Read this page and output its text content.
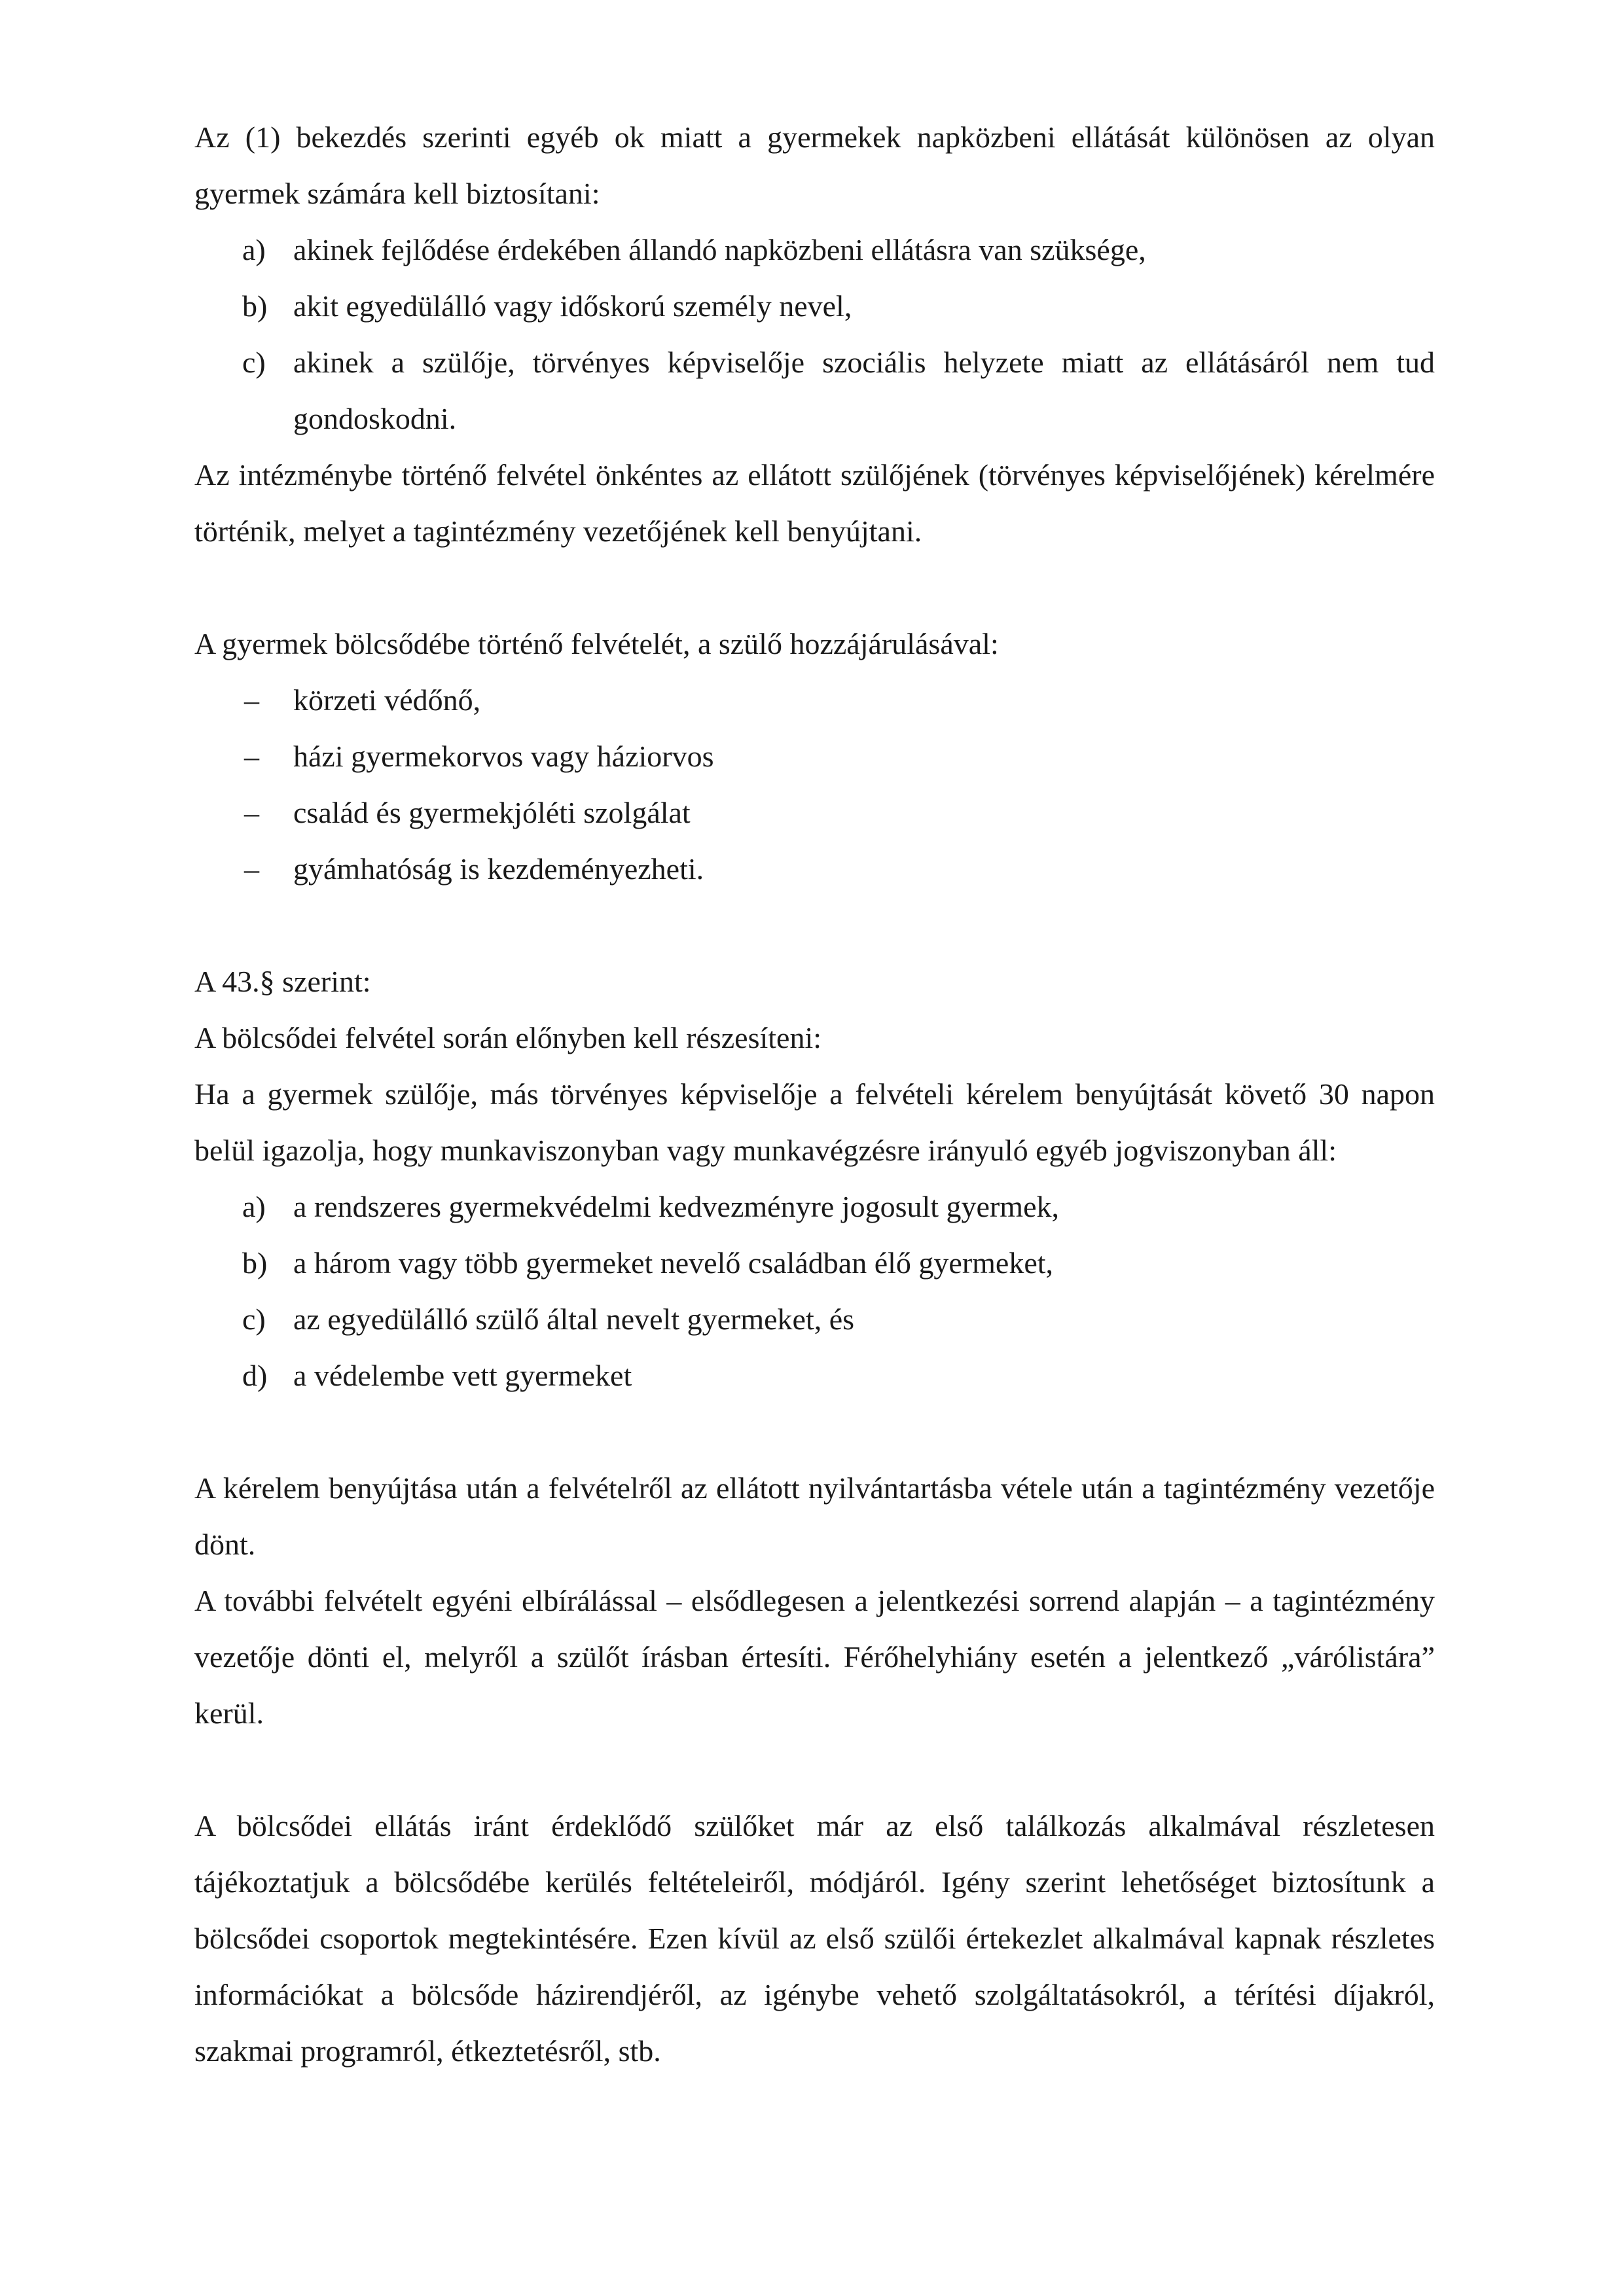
Az (1) bekezdés szerinti egyéb ok miatt a gyermekek napközbeni ellátását különösen az olyan gyermek számára kell biztosítani:

a) akinek fejlődése érdekében állandó napközbeni ellátásra van szüksége,
b) akit egyedülálló vagy időskorú személy nevel,
c) akinek a szülője, törvényes képviselője szociális helyzete miatt az ellátásáról nem tud gondoskodni.

Az intézménybe történő felvétel önkéntes az ellátott szülőjének (törvényes képviselőjének) kérelmére történik, melyet a tagintézmény vezetőjének kell benyújtani.

A gyermek bölcsődébe történő felvételét, a szülő hozzájárulásával:

– körzeti védőnő,
– házi gyermekorvos vagy háziorvos
– család és gyermekjóléti szolgálat
– gyámhatóság is kezdeményezheti.

A 43.§ szerint:

A bölcsődei felvétel során előnyben kell részesíteni:

Ha a gyermek szülője, más törvényes képviselője a felvételi kérelem benyújtását követő 30 napon belül igazolja, hogy munkaviszonyban vagy munkavégzésre irányuló egyéb jogviszonyban áll:

a) a rendszeres gyermekvédelmi kedvezményre jogosult gyermek,
b) a három vagy több gyermeket nevelő családban élő gyermeket,
c) az egyedülálló szülő által nevelt gyermeket, és
d) a védelembe vett gyermeket

A kérelem benyújtása után a felvételről az ellátott nyilvántartásba vétele után a tagintézmény vezetője dönt.

A további felvételt egyéni elbírálással – elsődlegesen a jelentkezési sorrend alapján – a tagintézmény vezetője dönti el, melyről a szülőt írásban értesíti. Férőhelyhiány esetén a jelentkező „várólistára” kerül.

A bölcsődei ellátás iránt érdeklődő szülőket már az első találkozás alkalmával részletesen tájékoztatjuk a bölcsődébe kerülés feltételeiről, módjáról. Igény szerint lehetőséget biztosítunk a bölcsődei csoportok megtekintésére. Ezen kívül az első szülői értekezlet alkalmával kapnak részletes információkat a bölcsőde házirendjéről, az igénybe vehető szolgáltatásokról, a térítési díjakról, szakmai programról, étkeztetésről, stb.
